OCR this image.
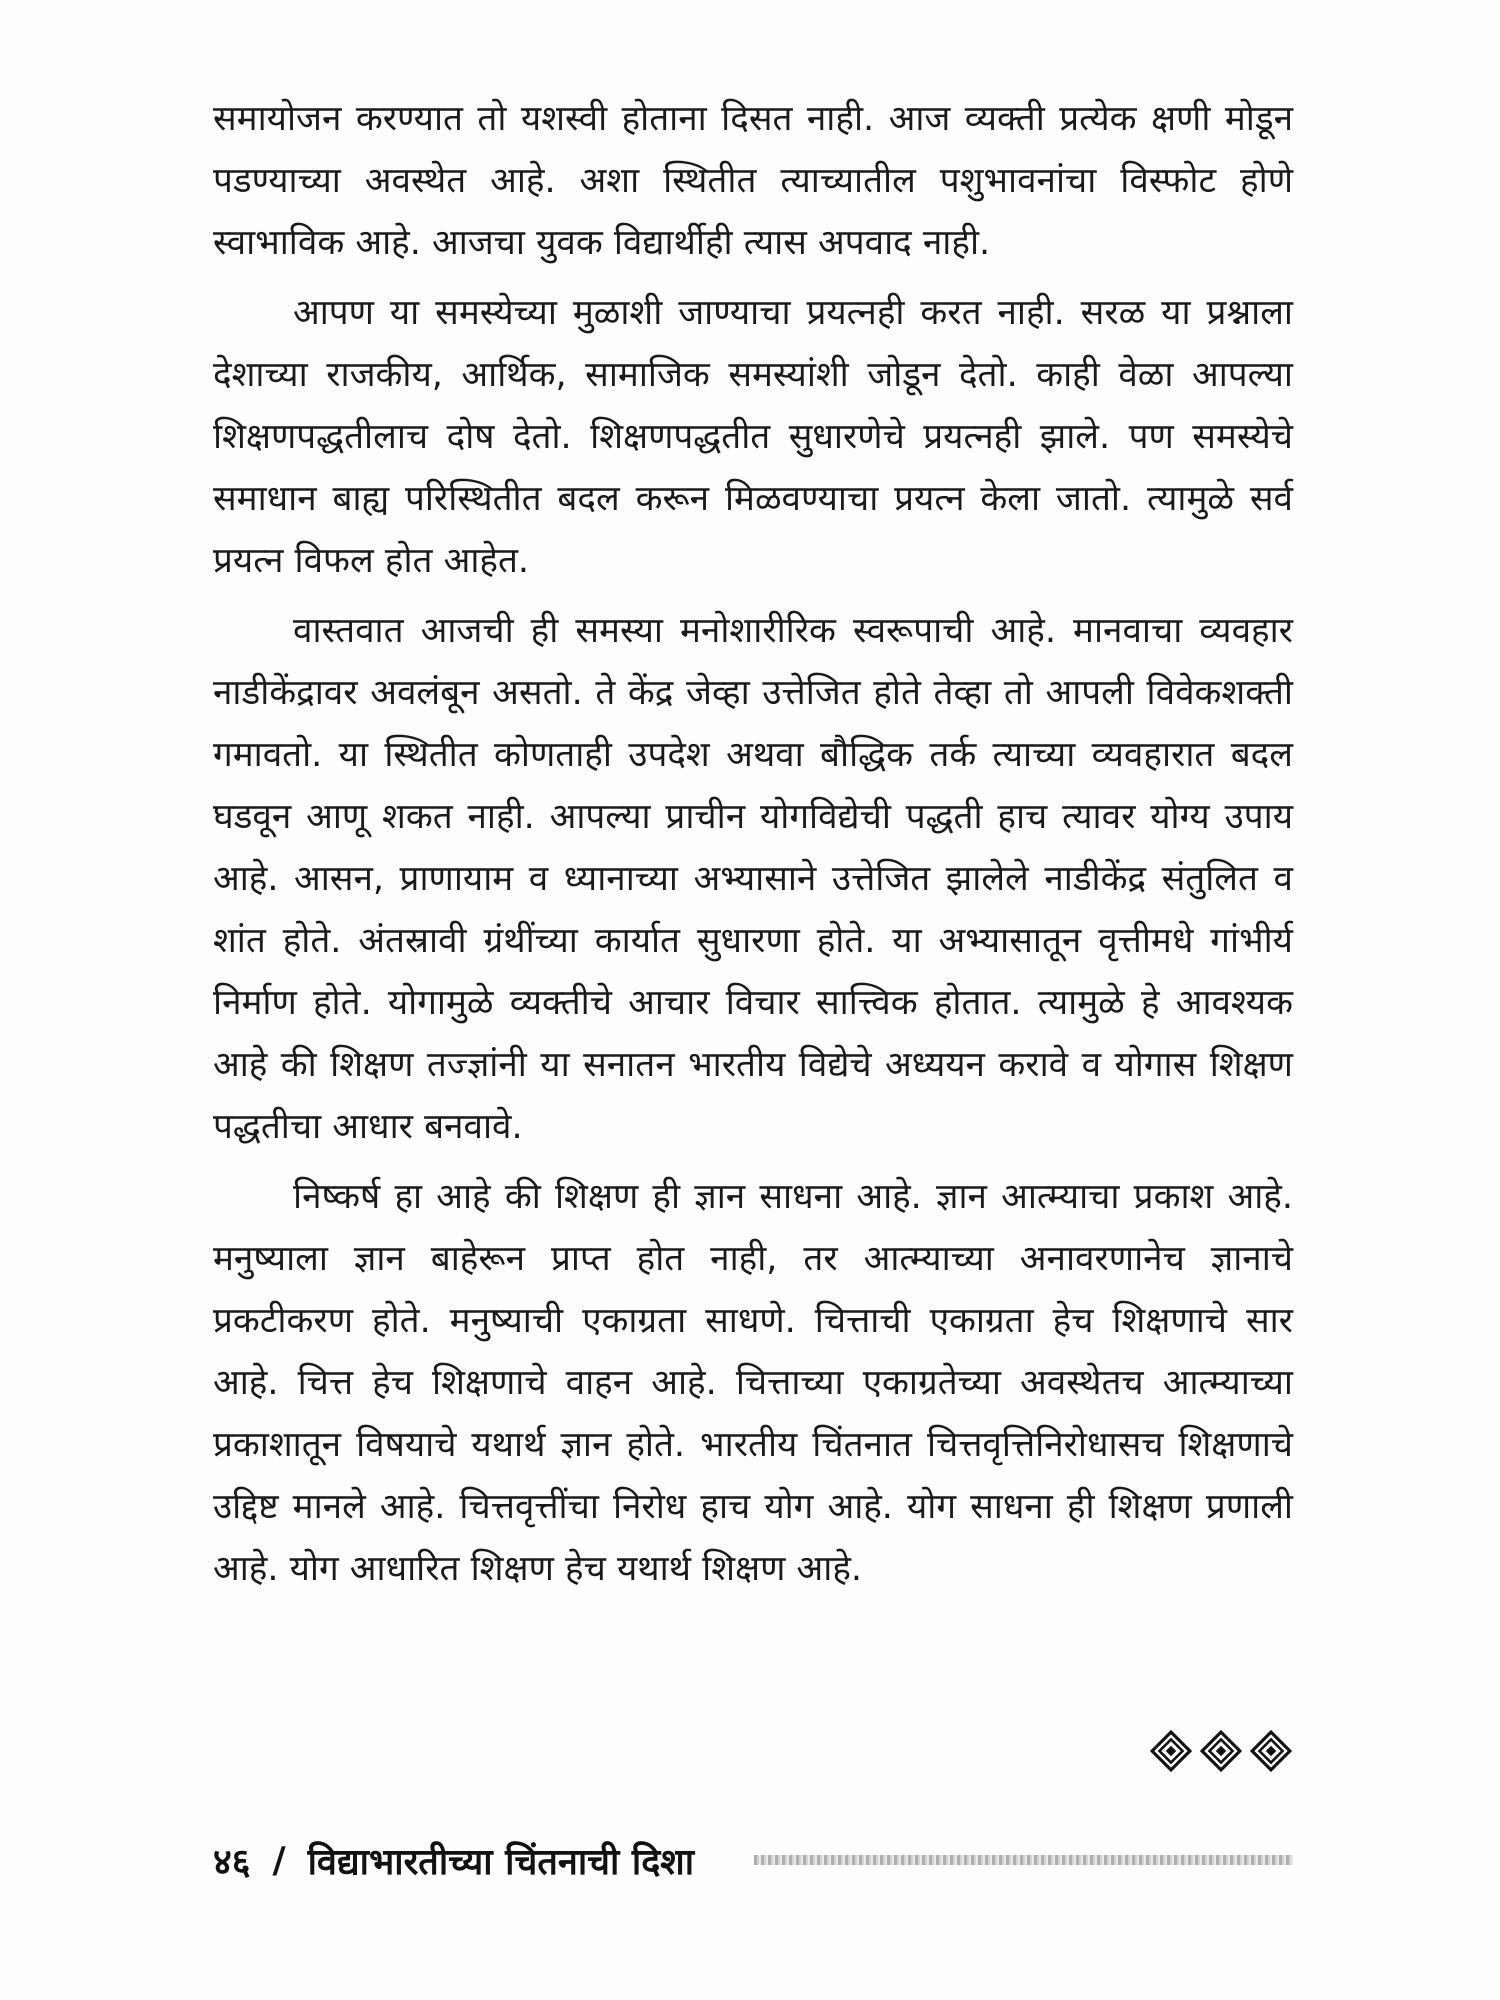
समायोजन करण्यात तो यशस्वी होताना दिसत नाही. आज व्यक्ती प्रत्येक क्षणी मोडून पडण्याच्या अवस्थेत आहे. अशा स्थितीत त्याच्यातील पशुभावनांचा विस्फोट होणे स्वाभाविक आहे. आजचा युवक विद्यार्थीही त्यास अपवाद नाही.

आपण या समस्येच्या मुळाशी जाण्याचा प्रयत्नही करत नाही. सरळ या प्रश्नाला देशाच्या राजकीय, आर्थिक, सामाजिक समस्यांशी जोडून देतो. काही वेळा आपल्या शिक्षणपद्धतीलाच दोष देतो. शिक्षणपद्धतीत सुधारणेचे प्रयत्नही झाले. पण समस्येचे समाधान बाह्य परिस्थितीत बदल करून मिळवण्याचा प्रयत्न केला जातो. त्यामुळे सर्व प्रयत्न विफल होत आहेत.

वास्तवात आजची ही समस्या मनोशारीरिक स्वरूपाची आहे. मानवाचा व्यवहार नाडीकेंद्रावर अवलंबून असतो. ते केंद्र जेव्हा उत्तेजित होते तेव्हा तो आपली विवेकशक्ती गमावतो. या स्थितीत कोणताही उपदेश अथवा बौद्धिक तर्क त्याच्या व्यवहारात बदल घडवून आणू शकत नाही. आपल्या प्राचीन योगविद्येची पद्धती हाच त्यावर योग्य उपाय आहे. आसन, प्राणायाम व ध्यानाच्या अभ्यासाने उत्तेजित झालेले नाडीकेंद्र संतुलित व शांत होते. अंतस्रावी ग्रंथींच्या कार्यात सुधारणा होते. या अभ्यासातून वृत्तीमधे गांभीर्य निर्माण होते. योगामुळे व्यक्तीचे आचार विचार सात्त्विक होतात. त्यामुळे हे आवश्यक आहे की शिक्षण तज्ज्ञांनी या सनातन भारतीय विद्येचे अध्ययन करावे व योगास शिक्षण पद्धतीचा आधार बनवावे.

निष्कर्ष हा आहे की शिक्षण ही ज्ञान साधना आहे. ज्ञान आत्म्याचा प्रकाश आहे. मनुष्याला ज्ञान बाहेरून प्राप्त होत नाही, तर आत्म्याच्या अनावरणानेच ज्ञानाचे प्रकटीकरण होते. मनुष्याची एकाग्रता साधणे. चित्ताची एकाग्रता हेच शिक्षणाचे सार आहे. चित्त हेच शिक्षणाचे वाहन आहे. चित्ताच्या एकाग्रतेच्या अवस्थेतच आत्म्याच्या प्रकाशातून विषयाचे यथार्थ ज्ञान होते. भारतीय चिंतनात चित्तवृत्तिनिरोधासच शिक्षणाचे उद्दिष्ट मानले आहे. चित्तवृत्तींचा निरोध हाच योग आहे. योग साधना ही शिक्षण प्रणाली आहे. योग आधारित शिक्षण हेच यथार्थ शिक्षण आहे.

४६ / विद्याभारतीच्या चिंतनाची दिशा
